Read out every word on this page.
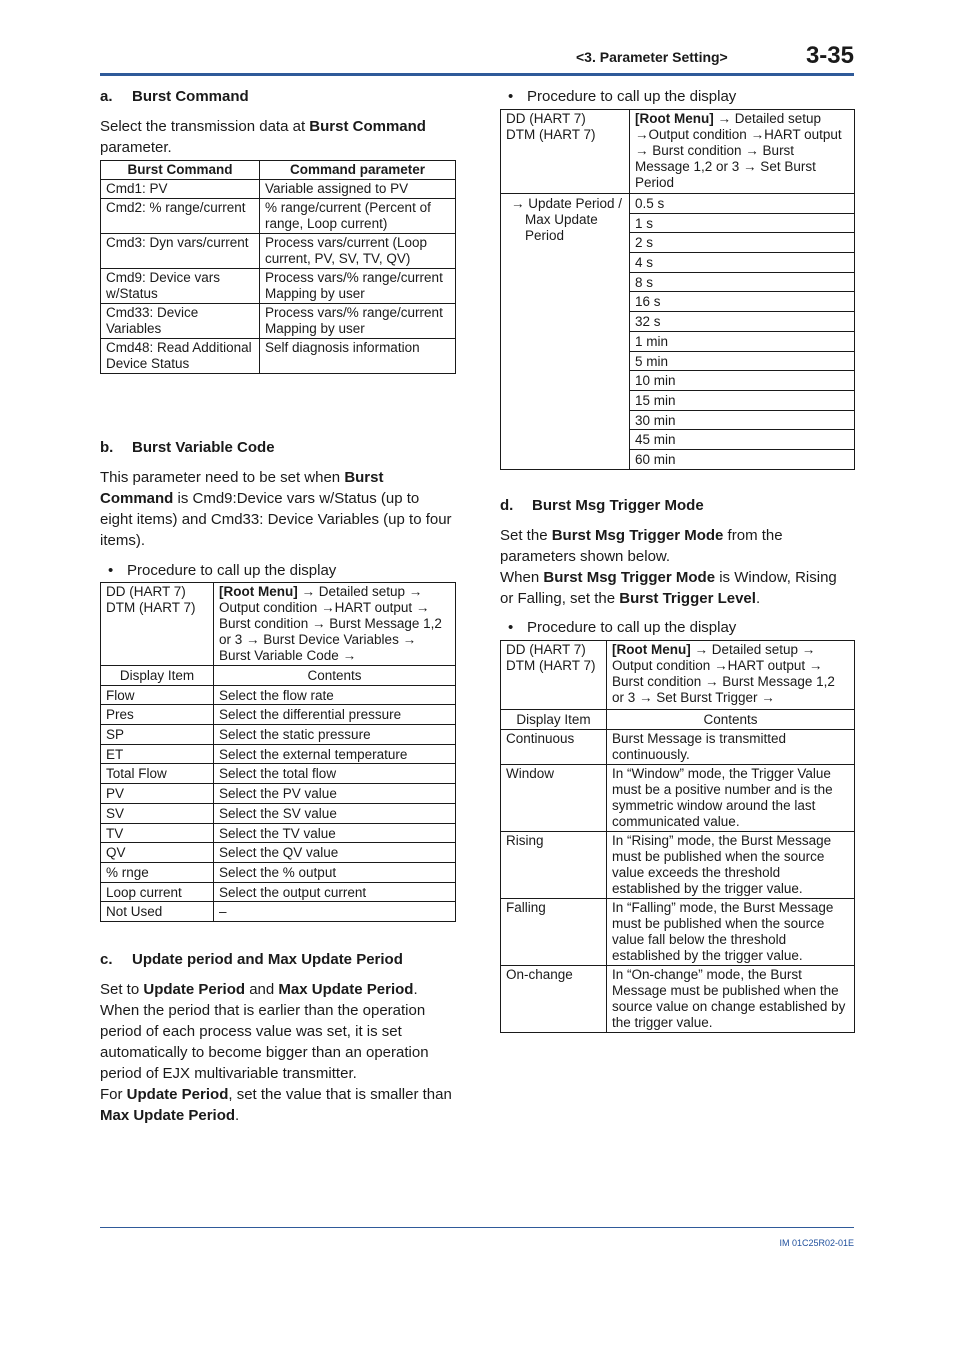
<3. Parameter Setting>	3-35
a. Burst Command

Select the transmission data at Burst Command parameter.

Burst Command	Command parameter
Cmd1: PV	Variable assigned to PV
Cmd2: % range/current	% range/current (Percent of range, Loop current)
Cmd3: Dyn vars/current	Process vars/current (Loop current, PV, SV, TV, QV)
Cmd9: Device vars w/Status	Process vars/% range/current Mapping by user
Cmd33: Device Variables	Process vars/% range/current Mapping by user
Cmd48: Read Additional Device Status	Self diagnosis information
b. Burst Variable Code

This parameter need to be set when Burst Command is Cmd9:Device vars w/Status (up to eight items) and Cmd33: Device Variables (up to four items).

• Procedure to call up the display
DD (HART 7)
DTM (HART 7)	[Root Menu] → Detailed setup → Output condition →HART output → Burst condition → Burst Message 1,2 or 3 → Burst Device Variables → Burst Variable Code →
Display Item	Contents
Flow	Select the flow rate
Pres	Select the differential pressure
SP	Select the static pressure
ET	Select the external temperature
Total Flow	Select the total flow
PV	Select the PV value
SV	Select the SV value
TV	Select the TV value
QV	Select the QV value
% rnge	Select the % output
Loop current	Select the output current
Not Used	–
c. Update period and Max Update Period

Set to Update Period and Max Update Period.

When the period that is earlier than the operation period of each process value was set, it is set automatically to become bigger than an operation period of EJX multivariable transmitter.

For Update Period, set the value that is smaller than Max Update Period.

• Procedure to call up the display
DD (HART 7)
DTM (HART 7)	[Root Menu] → Detailed setup →Output condition →HART output → Burst condition → Burst Message 1,2 or 3 → Set Burst Period

→ Update Period / Max Update Period	0.5 s
	1 s
	2 s
	4 s
	8 s
	16 s
	32 s
	1 min
	5 min
	10 min
	15 min
	30 min
	45 min
	60 min
d. Burst Msg Trigger Mode

Set the Burst Msg Trigger Mode from the parameters shown below.

When Burst Msg Trigger Mode is Window, Rising or Falling, set the Burst Trigger Level.

• Procedure to call up the display
DD (HART 7)
DTM (HART 7)	[Root Menu] → Detailed setup → Output condition →HART output → Burst condition → Burst Message 1,2 or 3 → Set Burst Trigger →
Display Item	Contents
Continuous	Burst Message is transmitted continuously.
Window	In “Window” mode, the Trigger Value must be a positive number and is the symmetric window around the last communicated value.
Rising	In “Rising” mode, the Burst Message must be published when the source value exceeds the threshold established by the trigger value.
Falling	In “Falling” mode, the Burst Message must be published when the source value fall below the threshold established by the trigger value.
On-change	In “On-change” mode, the Burst Message must be published when the source value on change established by the trigger value.
IM 01C25R02-01E
